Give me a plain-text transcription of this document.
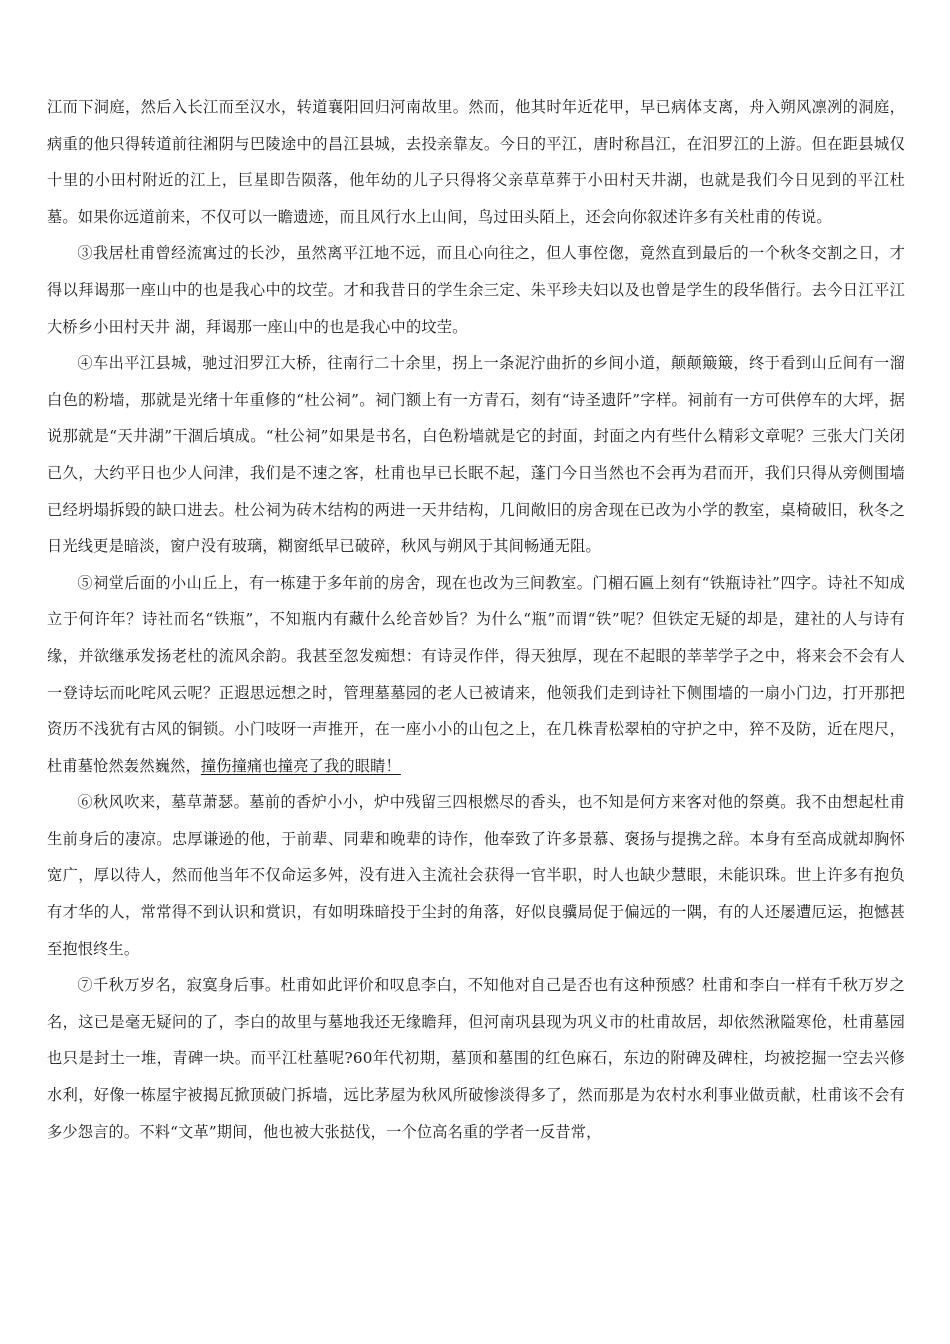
江而下洞庭，然后入长江而至汉水，转道襄阳回归河南故里。然而，他其时年近花甲，早已病体支离，舟入朔风凛冽的洞庭，病重的他只得转道前往湘阴与巴陵途中的昌江县城，去投亲靠友。今日的平江，唐时称昌江，在汨罗江的上游。但在距县城仅十里的小田村附近的江上，巨星即告陨落，他年幼的儿子只得将父亲草草葬于小田村天井湖，也就是我们今日见到的平江杜墓。如果你远道前来，不仅可以一瞻遗迹，而且风行水上山间，鸟过田头陌上，还会向你叙述许多有关杜甫的传说。

③我居杜甫曾经流寓过的长沙，虽然离平江地不远，而且心向往之，但人事倥偬，竟然直到最后的一个秋冬交割之日，才得以拜谒那一座山中的也是我心中的坟茔。才和我昔日的学生余三定、朱平珍夫妇以及也曾是学生的段华偕行。去今日江平江大桥乡小田村天井 湖，拜谒那一座山中的也是我心中的坟茔。

④车出平江县城，驰过汨罗江大桥，往南行二十余里，拐上一条泥泞曲折的乡间小道，颠颠簸簸，终于看到山丘间有一溜白色的粉墙，那就是光绪十年重修的“杜公祠”。祠门额上有一方青石，刻有“诗圣遗阡”字样。祠前有一方可供停车的大坪，据说那就是“天井湖”干涸后填成。“杜公祠”如果是书名，白色粉墙就是它的封面，封面之内有些什么精彩文章呢？三张大门关闭已久，大约平日也少人问津，我们是不速之客，杜甫也早已长眠不起，蓬门今日当然也不会再为君而开，我们只得从旁侧围墙已经坍塌拆毁的缺口进去。杜公祠为砖木结构的两进一天井结构，几间敞旧的房舍现在已改为小学的教室，桌椅破旧，秋冬之日光线更是暗淡，窗户没有玻璃，糊窗纸早已破碎，秋风与朔风于其间畅通无阻。

⑤祠堂后面的小山丘上，有一栋建于多年前的房舍，现在也改为三间教室。门楣石匾上刻有“铁瓶诗社”四字。诗社不知成立于何许年？诗社而名“铁瓶”，不知瓶内有藏什么纶音妙旨？为什么“瓶”而谓“铁”呢？但铁定无疑的却是，建社的人与诗有缘，并欲继承发扬老杜的流风余韵。我甚至忽发痴想：有诗灵作伴，得天独厚，现在不起眼的莘莘学子之中，将来会不会有人一登诗坛而叱咤风云呢？正遐思远想之时，管理墓墓园的老人已被请来，他领我们走到诗社下侧围墙的一扇小门边，打开那把资历不浅犹有古风的铜锁。小门吱呀一声推开，在一座小小的山包之上，在几株青松翠柏的守护之中，猝不及防，近在咫尺，杜甫墓怆然轰然巍然，撞伤撞痛也撞亮了我的眼睛！

⑥秋风吹来，墓草萧瑟。墓前的香炉小小，炉中残留三四根燃尽的香头，也不知是何方来客对他的祭奠。我不由想起杜甫生前身后的凄凉。忠厚谦逊的他，于前辈、同辈和晚辈的诗作，他奉致了许多景慕、褒扬与提携之辞。本身有至高成就却胸怀宽广，厚以待人，然而他当年不仅命运多舛，没有进入主流社会获得一官半职，时人也缺少慧眼，未能识珠。世上许多有抱负有才华的人，常常得不到认识和赏识，有如明珠暗投于尘封的角落，好似良骥局促于偏远的一隅，有的人还屡遭厄运，抱憾甚至抱恨终生。

⑦千秋万岁名，寂寞身后事。杜甫如此评价和叹息李白，不知他对自己是否也有这种预感？杜甫和李白一样有千秋万岁之名，这已是毫无疑问的了，李白的故里与墓地我还无缘瞻拜，但河南巩县现为巩义市的杜甫故居，却依然湫隘寒伧，杜甫墓园也只是封土一堆，青碑一块。而平江杜墓呢?60年代初期，墓顶和墓围的红色麻石，东边的附碑及碑柱，均被挖掘一空去兴修水利，好像一栋屋宇被揭瓦掀顶破门拆墙，远比茅屋为秋风所破惨淡得多了，然而那是为农村水利事业做贡献，杜甫该不会有多少怨言的。不料“文革”期间，他也被大张挞伐，一个位高名重的学者一反昔常，
